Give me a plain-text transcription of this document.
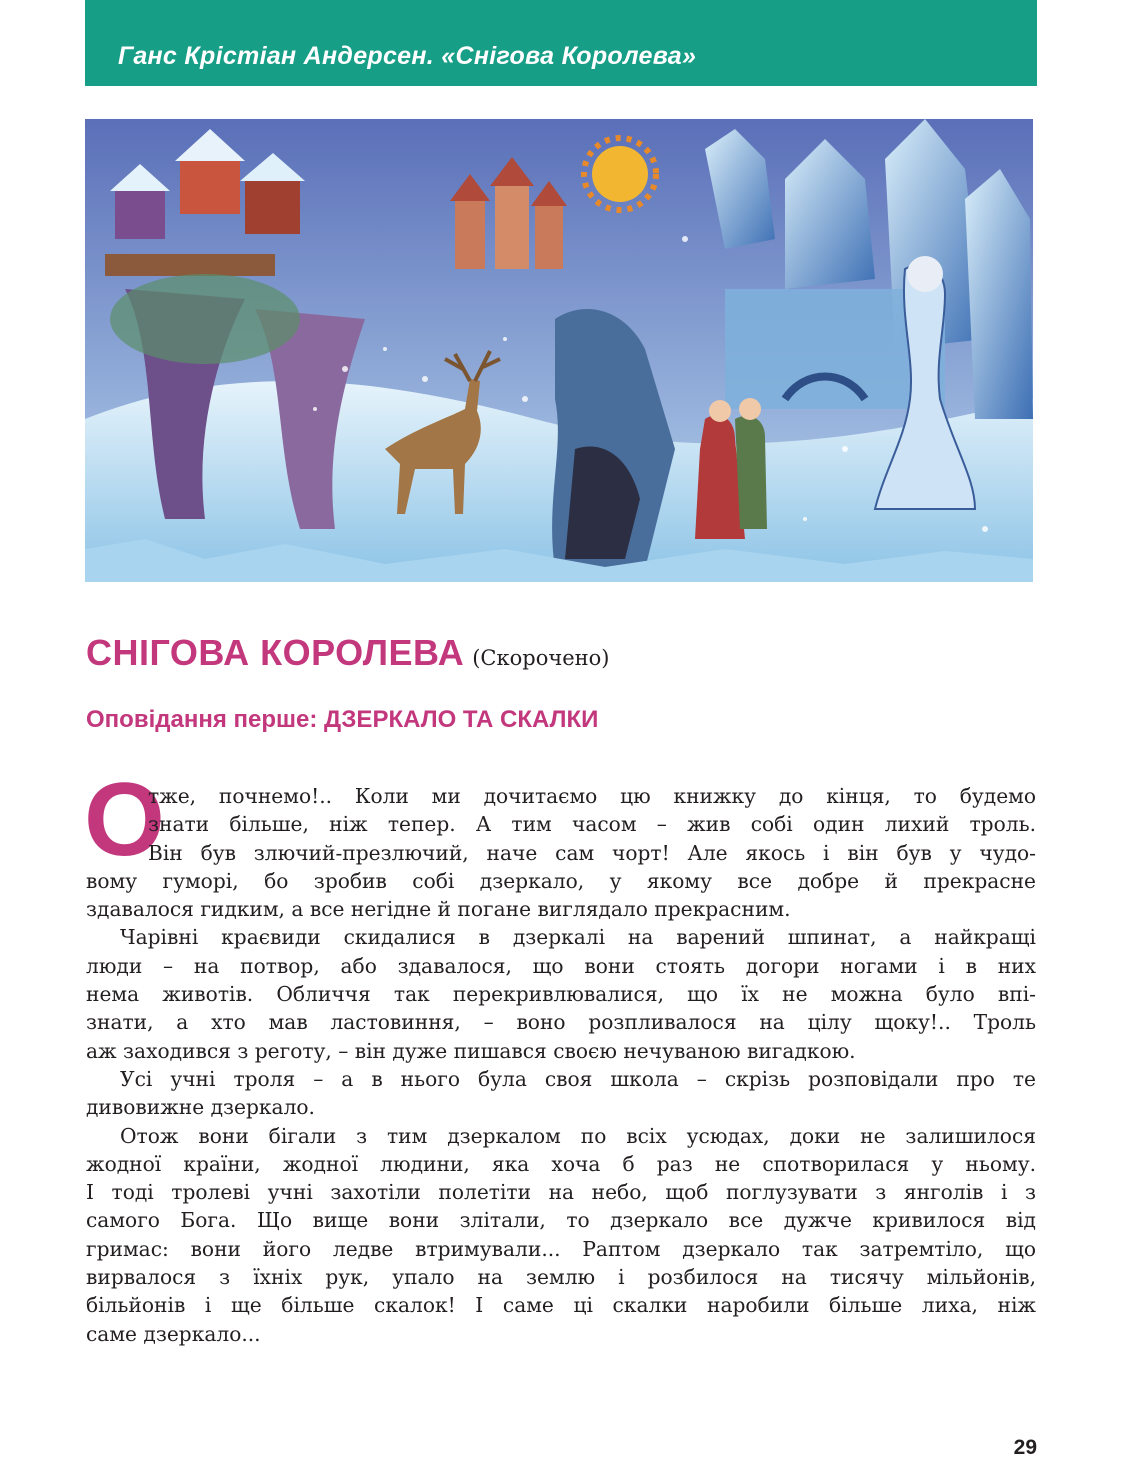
Ганс Крістіан Андерсен. «Снігова Королева»
СНІГОВА КОРОЛЕВА (Скорочено)
Оповідання перше: ДЗЕРКАЛО ТА СКАЛКИ
О
тже, почнемо!.. Коли ми дочитаємо цю книжку до кінця, то будемо
знати більше, ніж тепер. А тим часом – жив собі один лихий троль.
Він був злючий-презлючий, наче сам чорт! Але якось і він був у чудо-
вому гуморі, бо зробив собі дзеркало, у якому все добре й прекрасне
здавалося гидким, а все негідне й погане виглядало прекрасним.
Чарівні краєвиди скидалися в дзеркалі на варений шпинат, а найкращі
люди – на потвор, або здавалося, що вони стоять догори ногами і в них
нема животів. Обличчя так перекривлювалися, що їх не можна було впі-
знати, а хто мав ластовиння, – воно розпливалося на цілу щоку!.. Троль
аж заходився з реготу, – він дуже пишався своєю нечуваною вигадкою.
Усі учні троля – а в нього була своя школа – скрізь розповідали про те
дивовижне дзеркало.
Отож вони бігали з тим дзеркалом по всіх усюдах, доки не залишилося
жодної країни, жодної людини, яка хоча б раз не спотворилася у ньому.
І тоді тролеві учні захотіли полетіти на небо, щоб поглузувати з янголів і з
самого Бога. Що вище вони злітали, то дзеркало все дужче кривилося від
гримас: вони його ледве втримували... Раптом дзеркало так затремтіло, що
вирвалося з їхніх рук, упало на землю і розбилося на тисячу мільйонів,
більйонів і ще більше скалок! І саме ці скалки наробили більше лиха, ніж
саме дзеркало...
29
